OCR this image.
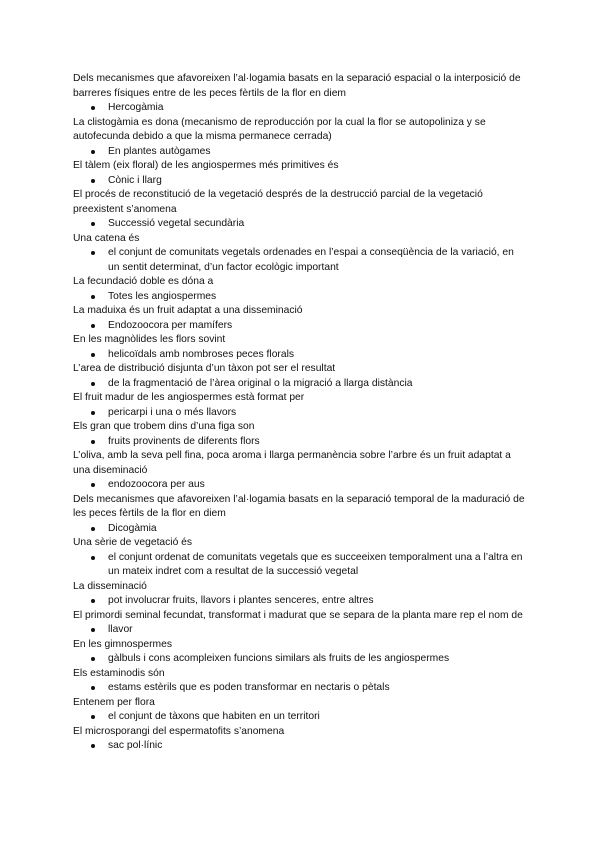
Dels mecanismes que afavoreixen l’al·logamia basats en la separació espacial o la interposició de barreres físiques entre de les peces fèrtils de la flor en diem

Hercogàmia

La clistogàmia es dona (mecanismo de reproducción por la cual la flor se autopoliniza y se autofecunda debido a que la misma permanece cerrada)

En plantes autògames

El tàlem (eix floral) de les angiospermes més primitives és

Cònic i llarg

El procés de reconstitució de la vegetació després de la destrucció parcial de la vegetació preexistent s’anomena

Successió vegetal secundària

Una catena és

el conjunt de comunitats vegetals ordenades en l’espai a conseqüència de la variació, en un sentit determinat, d’un factor ecològic important

La fecundació doble es dóna a

Totes les angiospermes

La maduixa és un fruit adaptat a una disseminació

Endozoocora per mamífers

En les magnòlides les flors sovint

helicoïdals amb nombroses peces florals

L’area de distribució disjunta d’un tàxon pot ser el resultat

de la fragmentació de l’àrea original o la migració a llarga distància

El fruit madur de les angiospermes està format per

pericarpi i una o més llavors

Els gran que trobem dins d’una figa son

fruits provinents de diferents flors

L’oliva, amb la seva pell fina, poca aroma i llarga permanència sobre l’arbre és un fruit adaptat a una diseminació

endozoocora per aus

Dels mecanismes que afavoreixen l’al·logamia basats en la separació temporal de la maduració de les peces fèrtils de la flor en diem

Dicogàmia

Una sèrie de vegetació és

el conjunt ordenat de comunitats vegetals que es succeeixen temporalment una a l’altra en un mateix indret com a resultat de la successió vegetal

La disseminació

pot involucrar fruits, llavors i plantes senceres, entre altres

El primordi seminal fecundat, transformat i madurat que se separa de la planta mare rep el nom de

llavor

En les gimnospermes

gàlbuls i cons acompleixen funcions similars als fruits de les angiospermes

Els estaminodis són

estams estèrils que es poden transformar en nectaris o pètals

Entenem per flora

el conjunt de tàxons que habiten en un territori

El microsporangi del espermatofits s’anomena

sac pol·línic
